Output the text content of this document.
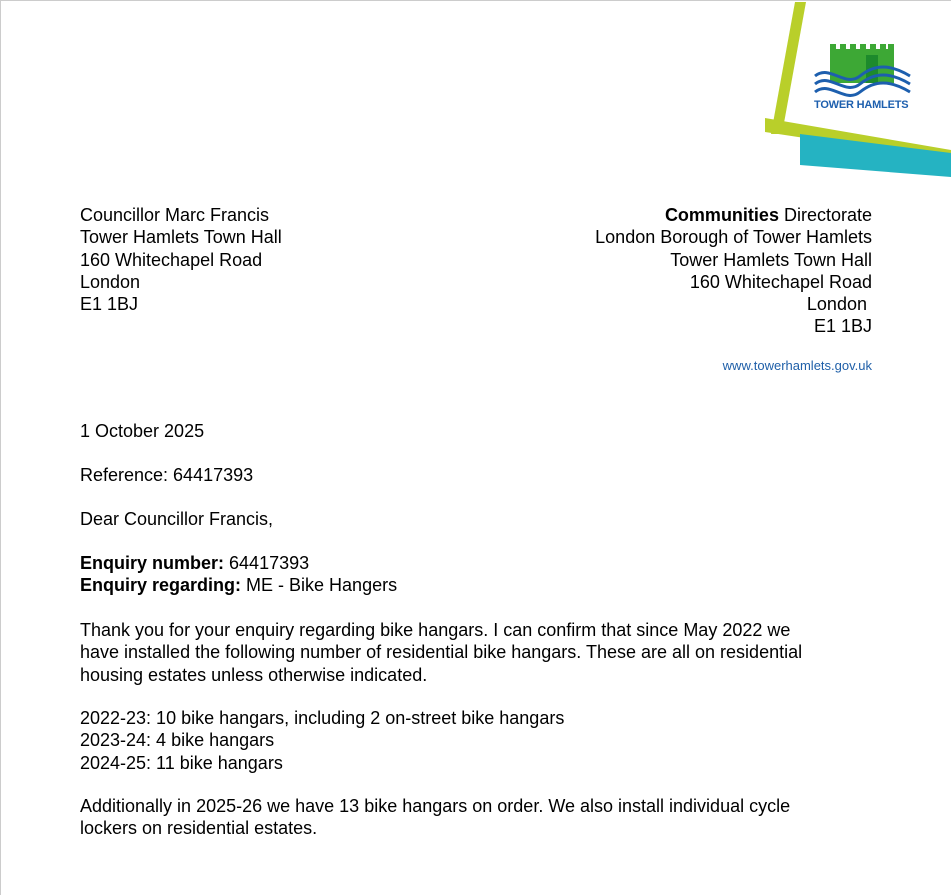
TOWER HAMLETS
Councillor Marc Francis
Tower Hamlets Town Hall
160 Whitechapel Road
London
E1 1BJ
Communities Directorate
London Borough of Tower Hamlets
Tower Hamlets Town Hall
160 Whitechapel Road
London
E1 1BJ
www.towerhamlets.gov.uk
1 October 2025
Reference: 64417393
Dear Councillor Francis,
Enquiry number: 64417393
Enquiry regarding: ME - Bike Hangers
Thank you for your enquiry regarding bike hangars. I can confirm that since May 2022 we
have installed the following number of residential bike hangars. These are all on residential
housing estates unless otherwise indicated.
2022-23: 10 bike hangars, including 2 on-street bike hangars
2023-24: 4 bike hangars
2024-25: 11 bike hangars
Additionally in 2025-26 we have 13 bike hangars on order. We also install individual cycle
lockers on residential estates.
